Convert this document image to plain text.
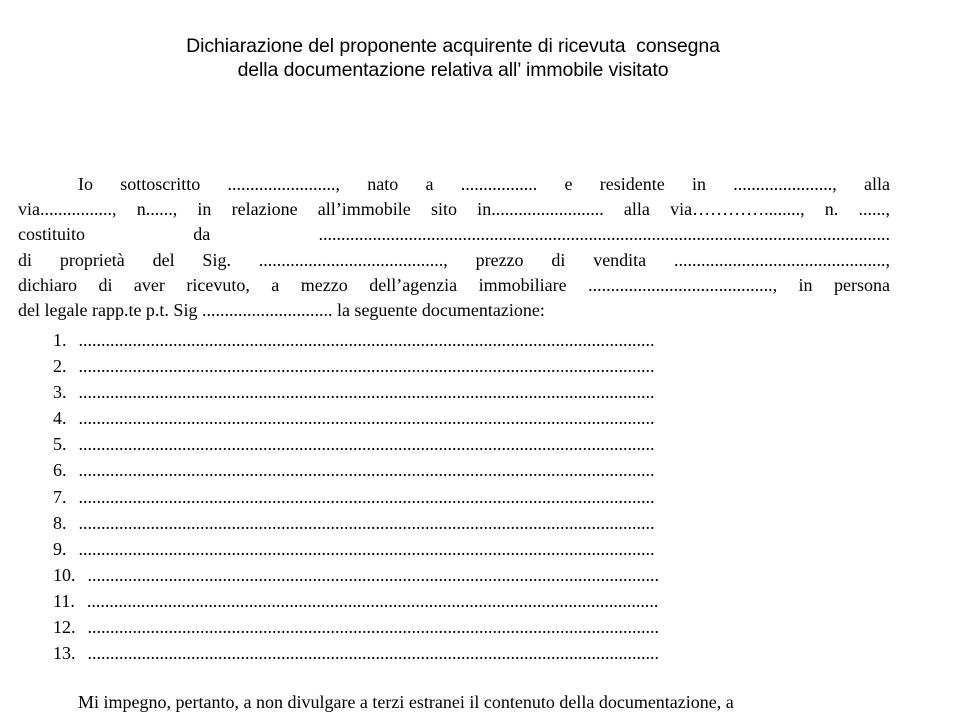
Dichiarazione del proponente acquirente di ricevuta  consegna
della documentazione relativa all’ immobile visitato
Io sottoscritto ........................, nato a ................. e residente in ......................, alla
via................, n......, in relazione all’immobile sito in......................... alla via…………........, n. ......,
costituito da ...............................................................................................................................
di proprietà del Sig. ........................................., prezzo di vendita ...............................................,
dichiaro di aver ricevuto, a mezzo dell’agenzia immobiliare ........................................., in persona
del legale rapp.te p.t. Sig ............................. la seguente documentazione:
1. ................................................................................................................................
2. ................................................................................................................................
3. ................................................................................................................................
4. ................................................................................................................................
5. ................................................................................................................................
6. ................................................................................................................................
7. ................................................................................................................................
8. ................................................................................................................................
9. ................................................................................................................................
10. ...............................................................................................................................
11. ...............................................................................................................................
12. ...............................................................................................................................
13. ...............................................................................................................................
Mi impegno, pertanto, a non divulgare a terzi estranei il contenuto della documentazione, a
